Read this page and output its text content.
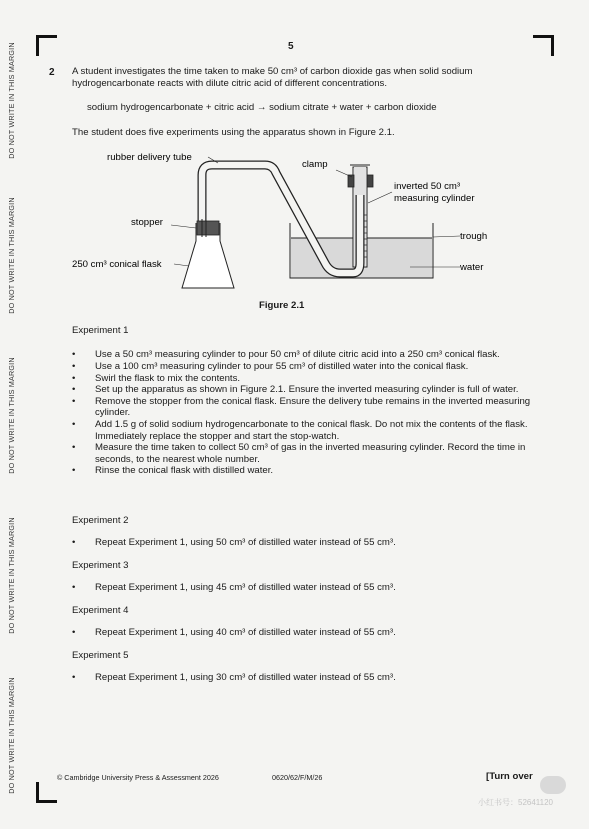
DO NOT WRITE IN THIS MARGIN
DO NOT WRITE IN THIS MARGIN
DO NOT WRITE IN THIS MARGIN
DO NOT WRITE IN THIS MARGIN
DO NOT WRITE IN THIS MARGIN
5
2 A student investigates the time taken to make 50 cm³ of carbon dioxide gas when solid sodium hydrogencarbonate reacts with dilute citric acid of different concentrations.
sodium hydrogencarbonate + citric acid → sodium citrate + water + carbon dioxide
The student does five experiments using the apparatus shown in Figure 2.1.
rubber delivery tube
clamp
inverted 50 cm³
measuring cylinder
stopper
trough
250 cm³ conical flask	water
Figure 2.1
Experiment 1
• Use a 50 cm³ measuring cylinder to pour 50 cm³ of dilute citric acid into a 250 cm³ conical flask.
• Use a 100 cm³ measuring cylinder to pour 55 cm³ of distilled water into the conical flask.
• Swirl the flask to mix the contents.
• Set up the apparatus as shown in Figure 2.1. Ensure the inverted measuring cylinder is full of water.
• Remove the stopper from the conical flask. Ensure the delivery tube remains in the inverted measuring cylinder.
• Add 1.5 g of solid sodium hydrogencarbonate to the conical flask. Do not mix the contents of the flask. Immediately replace the stopper and start the stop-watch.
• Measure the time taken to collect 50 cm³ of gas in the inverted measuring cylinder. Record the time in seconds, to the nearest whole number.
• Rinse the conical flask with distilled water.
Experiment 2
• Repeat Experiment 1, using 50 cm³ of distilled water instead of 55 cm³.
Experiment 3
• Repeat Experiment 1, using 45 cm³ of distilled water instead of 55 cm³.
Experiment 4
• Repeat Experiment 1, using 40 cm³ of distilled water instead of 55 cm³.
Experiment 5
• Repeat Experiment 1, using 30 cm³ of distilled water instead of 55 cm³.
© Cambridge University Press & Assessment 2026	0620/62/F/M/26	[Turn over
小红书号：52641120
